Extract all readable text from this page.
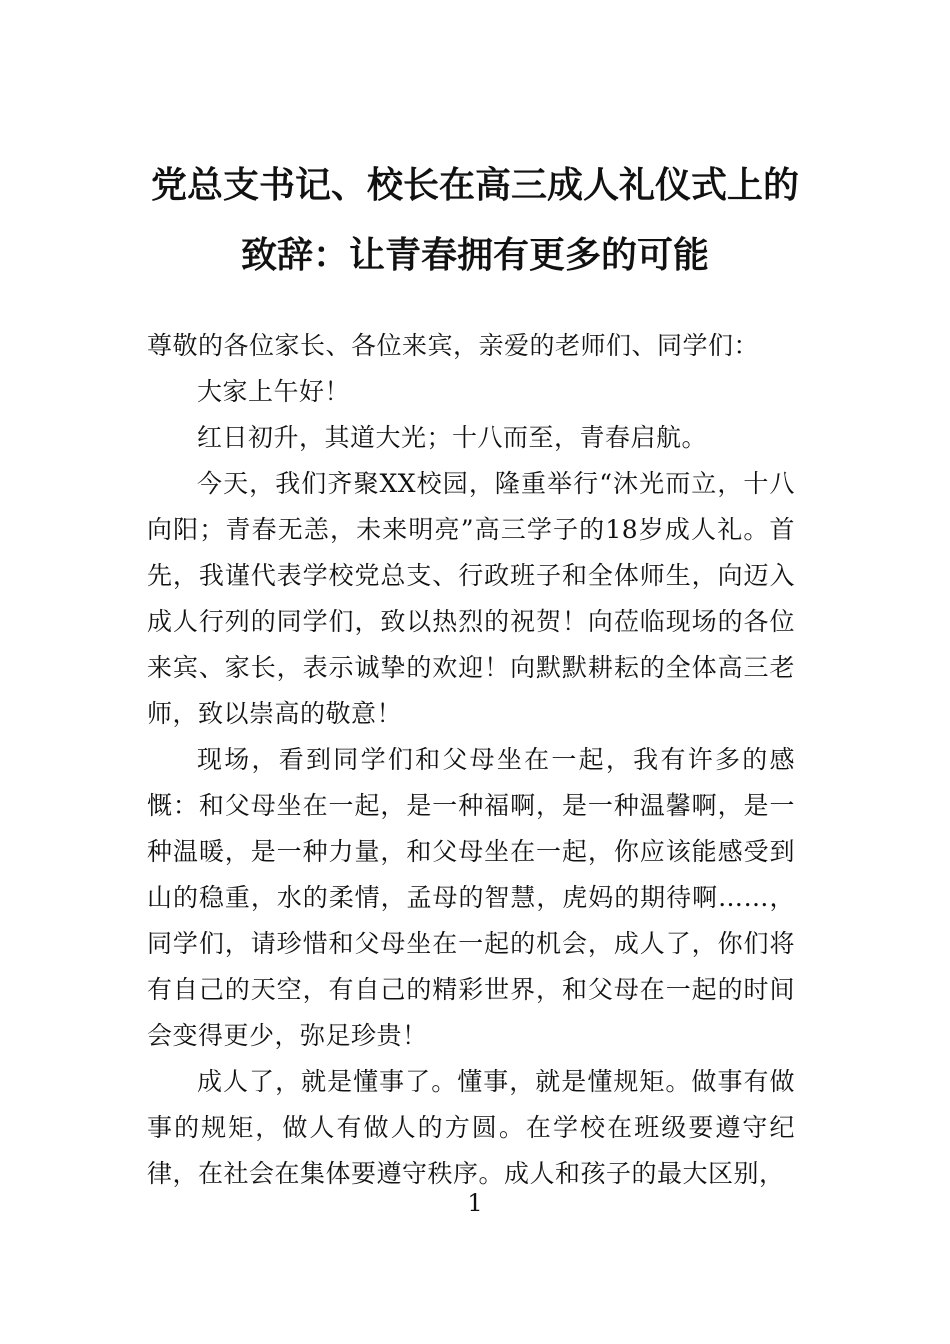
党总支书记、校长在高三成人礼仪式上的
致辞：让青春拥有更多的可能

尊敬的各位家长、各位来宾，亲爱的老师们、同学们：

大家上午好！

红日初升，其道大光；十八而至，青春启航。

今天，我们齐聚XX校园，隆重举行“沐光而立，十八向阳；青春无恙，未来明亮”高三学子的18岁成人礼。首先，我谨代表学校党总支、行政班子和全体师生，向迈入成人行列的同学们，致以热烈的祝贺！向莅临现场的各位来宾、家长，表示诚挚的欢迎！向默默耕耘的全体高三老师，致以崇高的敬意！

现场，看到同学们和父母坐在一起，我有许多的感慨：和父母坐在一起，是一种福啊，是一种温馨啊，是一种温暖，是一种力量，和父母坐在一起，你应该能感受到山的稳重，水的柔情，孟母的智慧，虎妈的期待啊……，同学们，请珍惜和父母坐在一起的机会，成人了，你们将有自己的天空，有自己的精彩世界，和父母在一起的时间会变得更少，弥足珍贵！

成人了，就是懂事了。懂事，就是懂规矩。做事有做事的规矩，做人有做人的方圆。在学校在班级要遵守纪律，在社会在集体要遵守秩序。成人和孩子的最大区别，

1
